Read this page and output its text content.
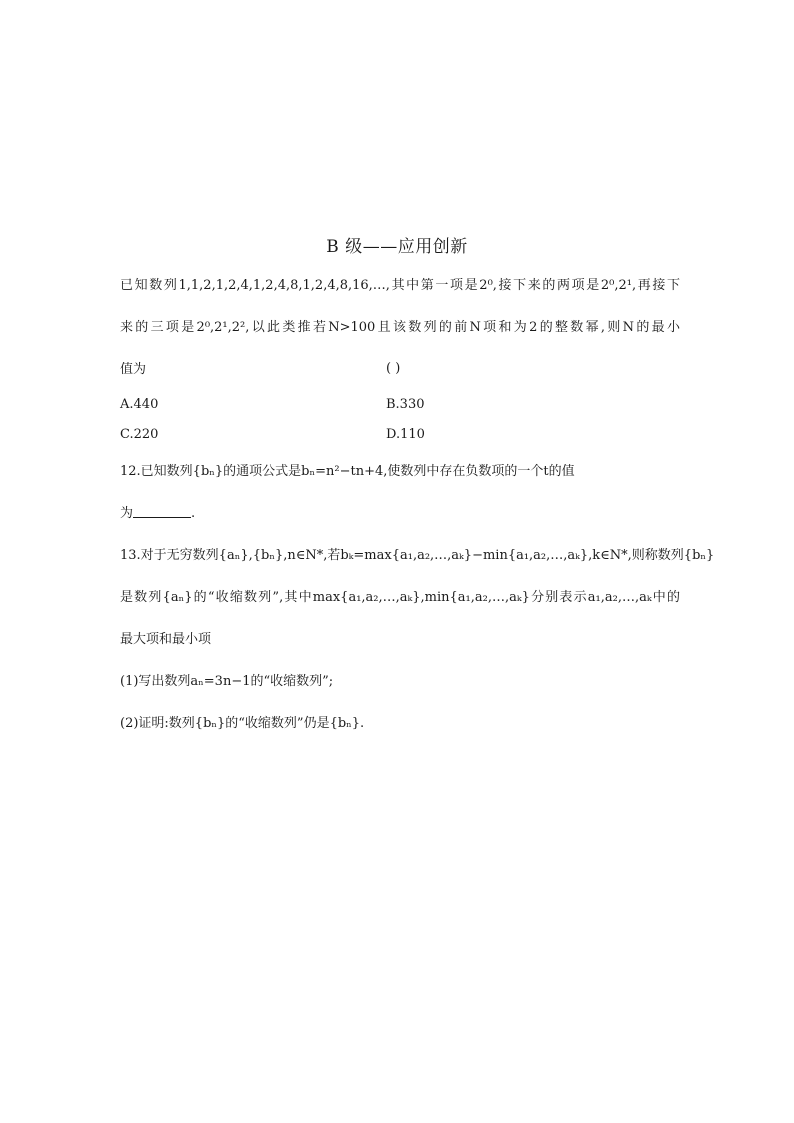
B 级——应用创新
已知数列1,1,2,1,2,4,1,2,4,8,1,2,4,8,16,…,其中第一项是2⁰,接下来的两项是2⁰,2¹,再接下
来的三项是2⁰,2¹,2²,以此类推若N>100且该数列的前N项和为2的整数幂,则N的最小
值为	( )
A.440	B.330
C.220	D.110
12.已知数列{bₙ}的通项公式是bₙ=n²−tn+4,使数列中存在负数项的一个t的值
为	.
13.对于无穷数列{aₙ},{bₙ},n∈N*,若bₖ=max{a₁,a₂,…,aₖ}−min{a₁,a₂,…,aₖ},k∈N*,则称数列{bₙ}
是数列{aₙ}的“收缩数列”,其中max{a₁,a₂,…,aₖ},min{a₁,a₂,…,aₖ}分别表示a₁,a₂,…,aₖ中的
最大项和最小项
(1)写出数列aₙ=3n−1的“收缩数列”;
(2)证明:数列{bₙ}的“收缩数列”仍是{bₙ}.
